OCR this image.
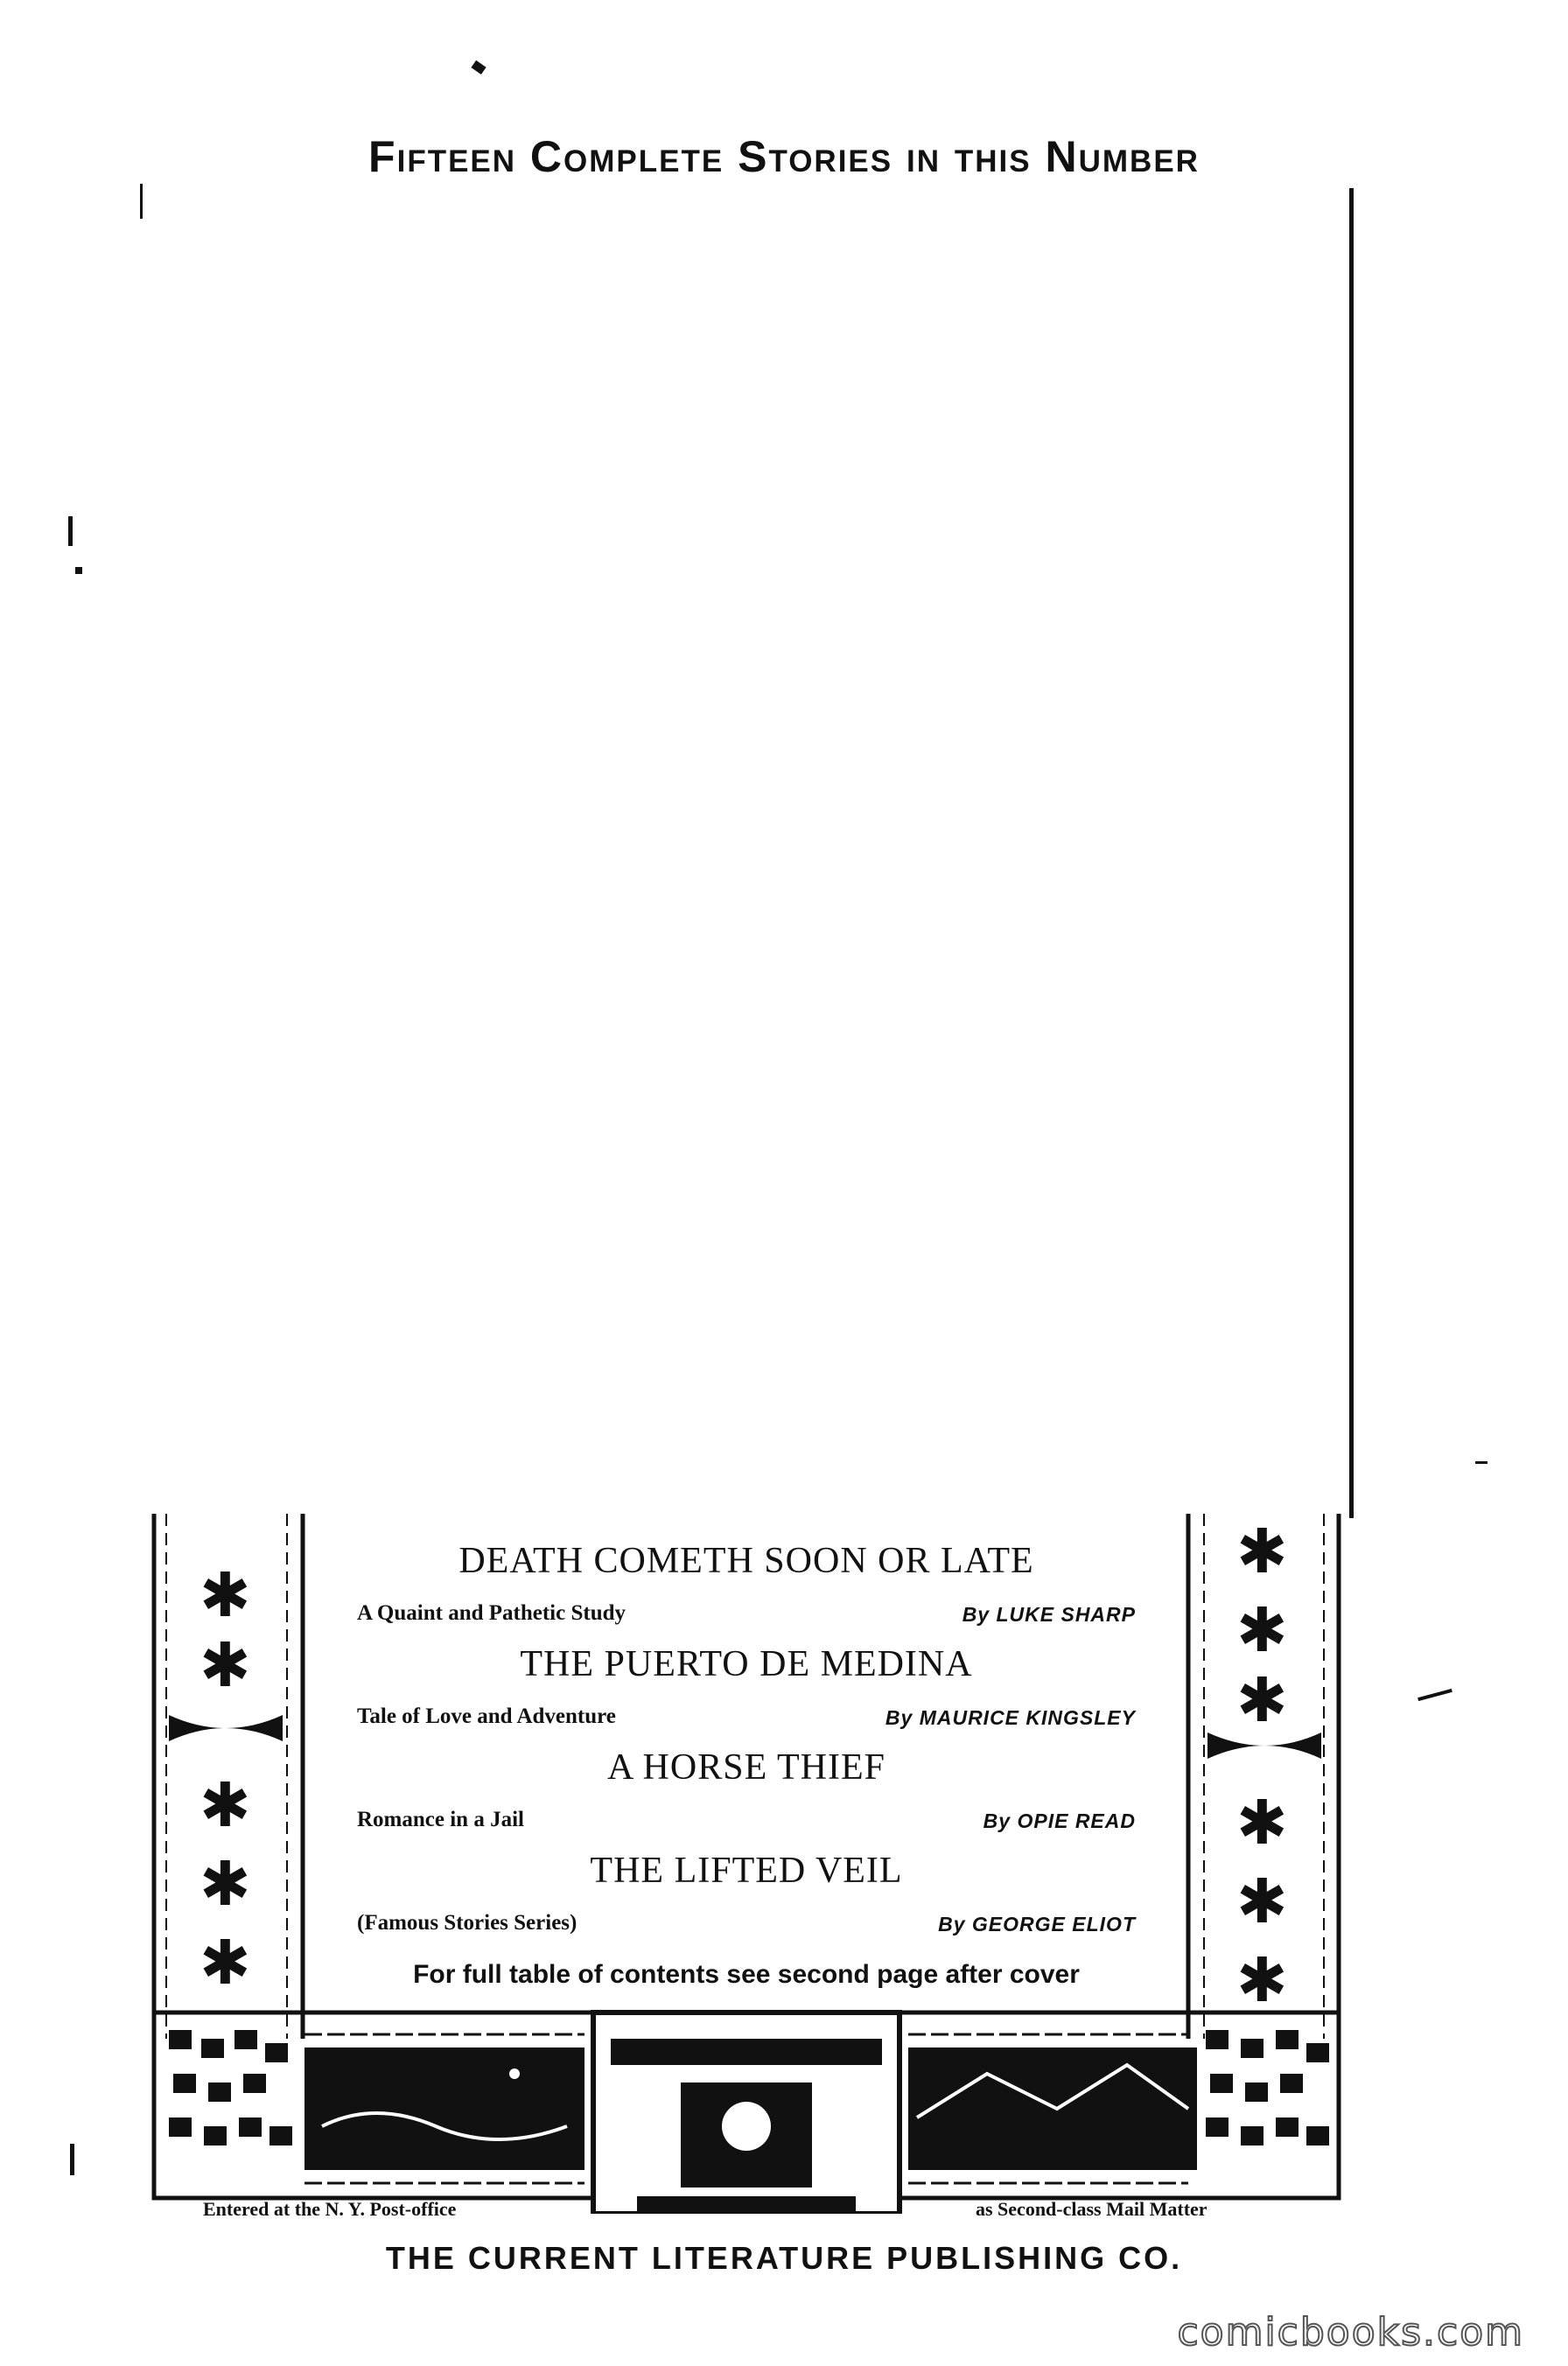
Fifteen Complete Stories in this Number
✱
✱
✱
✱
✱
✱
✱
✱
✱
✱
✱
DEATH COMETH SOON OR LATE
A Quaint and Pathetic Study	By LUKE SHARP
THE PUERTO DE MEDINA
Tale of Love and Adventure	By MAURICE KINGSLEY
A HORSE THIEF
Romance in a Jail	By OPIE READ
THE LIFTED VEIL
(Famous Stories Series)	By GEORGE ELIOT
For full table of contents see second page after cover
Entered at the N. Y. Post-office	as Second-class Mail Matter
THE CURRENT LITERATURE PUBLISHING CO.
comicbooks.com
